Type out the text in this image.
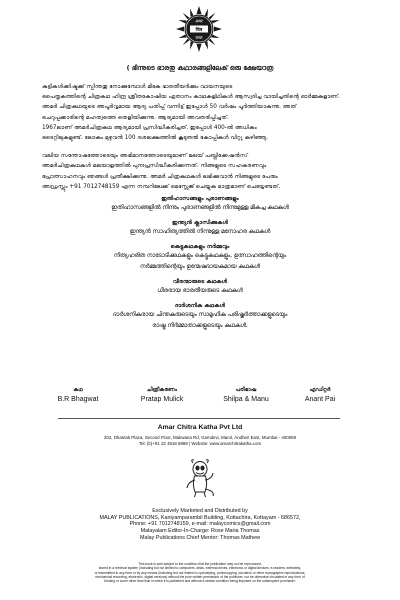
अमर
चित्र
कथा
( ഭിന്നുടെ ഭാരതു കഥാരങ്ങളിലേക് ഒരു ക്ഷേയാത്ര

കുട്ടികൾക്കിഷ്ടക്ക് സ്പിന്തതു നോക്കുമ്പോൾ മികേ ഭാരതീയർക്കും വായനയുടെ
പൈതൃകത്തിന്റെ ചിത്രകഥ ഹിന്ദ്ര ശ്രീതകോഷിയ ഏതാനം കാഥകള്ഥികൾ ആസ്വദിച്ച വായിച്ചതിന്റെ ഓർമ്മകളാണ്.
അമർ ചിത്രകഥയുടെ അപൂർവ്വമായ ആദ്യ പതിപ്പ് വന്നിട്ട് ഇപ്പോൾ 50 വർഷം പൂർത്തിയാകുന്നു. അത്
ചെറുപ്പക്കാരിന്റെ മഹത്വത്തെ തെളിയിക്കുന്നു. ആദ്യമായി അവതരിപ്പിച്ചത്.
1967ലാണ് അമർചിത്രകഥ ആദ്യമായി പ്രസിദ്ധീകരിച്ചത്. ഇപ്പോൾ 400-ൽ അധികം
ടൈറ്റിലുകളുണ്ട്. ലോകം മുഴുവൻ 100 ദശലക്ഷത്തിൽ കൂടുതൽ കോപ്പികൾ വിറ്റു കഴിഞ്ഞു.

വലിയ സന്തോഷത്തോടെയും അഭിമാനത്തോടെയുമാണ് മലയ് പബ്ലിക്കേഷൻസ്
അമർചിത്രകഥകൾ മലയാളത്തിൽ പുനഃപ്രസിദ്ധീകരിക്കുന്നത്. നിങ്ങളുടെ സഹകരണവും
പ്രോത്സാഹനവും ഞങ്ങൾ പ്രതീക്ഷിക്കുന്നു. അമർ ചിത്രകഥകൾ ലഭിക്കുവാൻ നിങ്ങളുടെ പേരും
അഡ്രസ്സും +91 7012748159 എന്ന നമ്പറിലേക്ക് മെസ്സേജ് ചെയ്യുക മാത്രമാണ് ചെയ്യേണ്ടത്.

ഇതിഹാസങ്ങളും പുരാണങ്ങളും
ഇതിഹാസങ്ങളിൽ നിന്നും പുരാണങ്ങളിൽ നിന്നുമുള്ള മികച്ച കഥകൾ
ഇന്ത്യൻ ക്ലാസിക്കുകൾ
ഇന്ത്യൻ സാഹിത്യത്തിൽ നിന്നുള്ള മനോഹര കഥകൾ
കെട്ടുകഥകളും നർമ്മവും
നിത്യഹരിത നാടോടിക്കഥകളും കെട്ടുകഥകളും, ഉത്സാഹത്തിന്റെയും
നർമ്മത്തിന്റെയും ഉന്മേഷദായകമായ കഥകൾ
വീരന്മാരുടെ കഥകൾ
ധീരരായ ഭാരതീയരുടെ കഥകൾ
ദാർശനിക കഥകൾ
ദാർശനികരായ ചിന്തകരുടെയും സാമൂഹിക പരിഷ്കർത്താക്കളുടെയും
രാഷ്ട്ര നിർമ്മാതാക്കളുടെയും കഥകൾ.
കഥ
B.R Bhagwat
ചിത്രീകരണം
Pratap Mulick
പരിഭാഷ
Shilpa & Manu
എഡിറ്റർ
Anant Pai
Amar Chitra Katha Pvt Ltd
204, Dhantak Plaza, Second Floor, Makwana Rd, Gamdevi, Marol, Andheri East, Mumbai - 400059
Tel: (b)+91 22 4918 8888 | Website: www.amarchitrakatha.com
Exclusively Marketed and Distributed by
MALAY PUBLICATIONS, Kaniyamparambil Building, Kottachira, Kottayam - 686572,
Phone: +91 7012748159, e-mail: malaycomics@gmail.com
Malayalam Editor-In-Charge: Rose Maria Thomas
Malay Publications Chief Mentor: Thomas Mathew
This book is sold subject to the condition that the publication may not be reproduced,
stored in a retrieval system (including but not limited to computers, disks, external drives, electronic or digital devices, e-readers, websites),
or transmitted in any form or by any means (including but not limited to cyclostyling, photocopying, docutech or other reprographic reproductions,
mechanical recording, electronic, digital versions) without the prior written permission of the publisher, nor be otherwise circulated in any form of
binding or cover other than that in which it is published and without a similar condition being imposed on the subsequent purchaser.
